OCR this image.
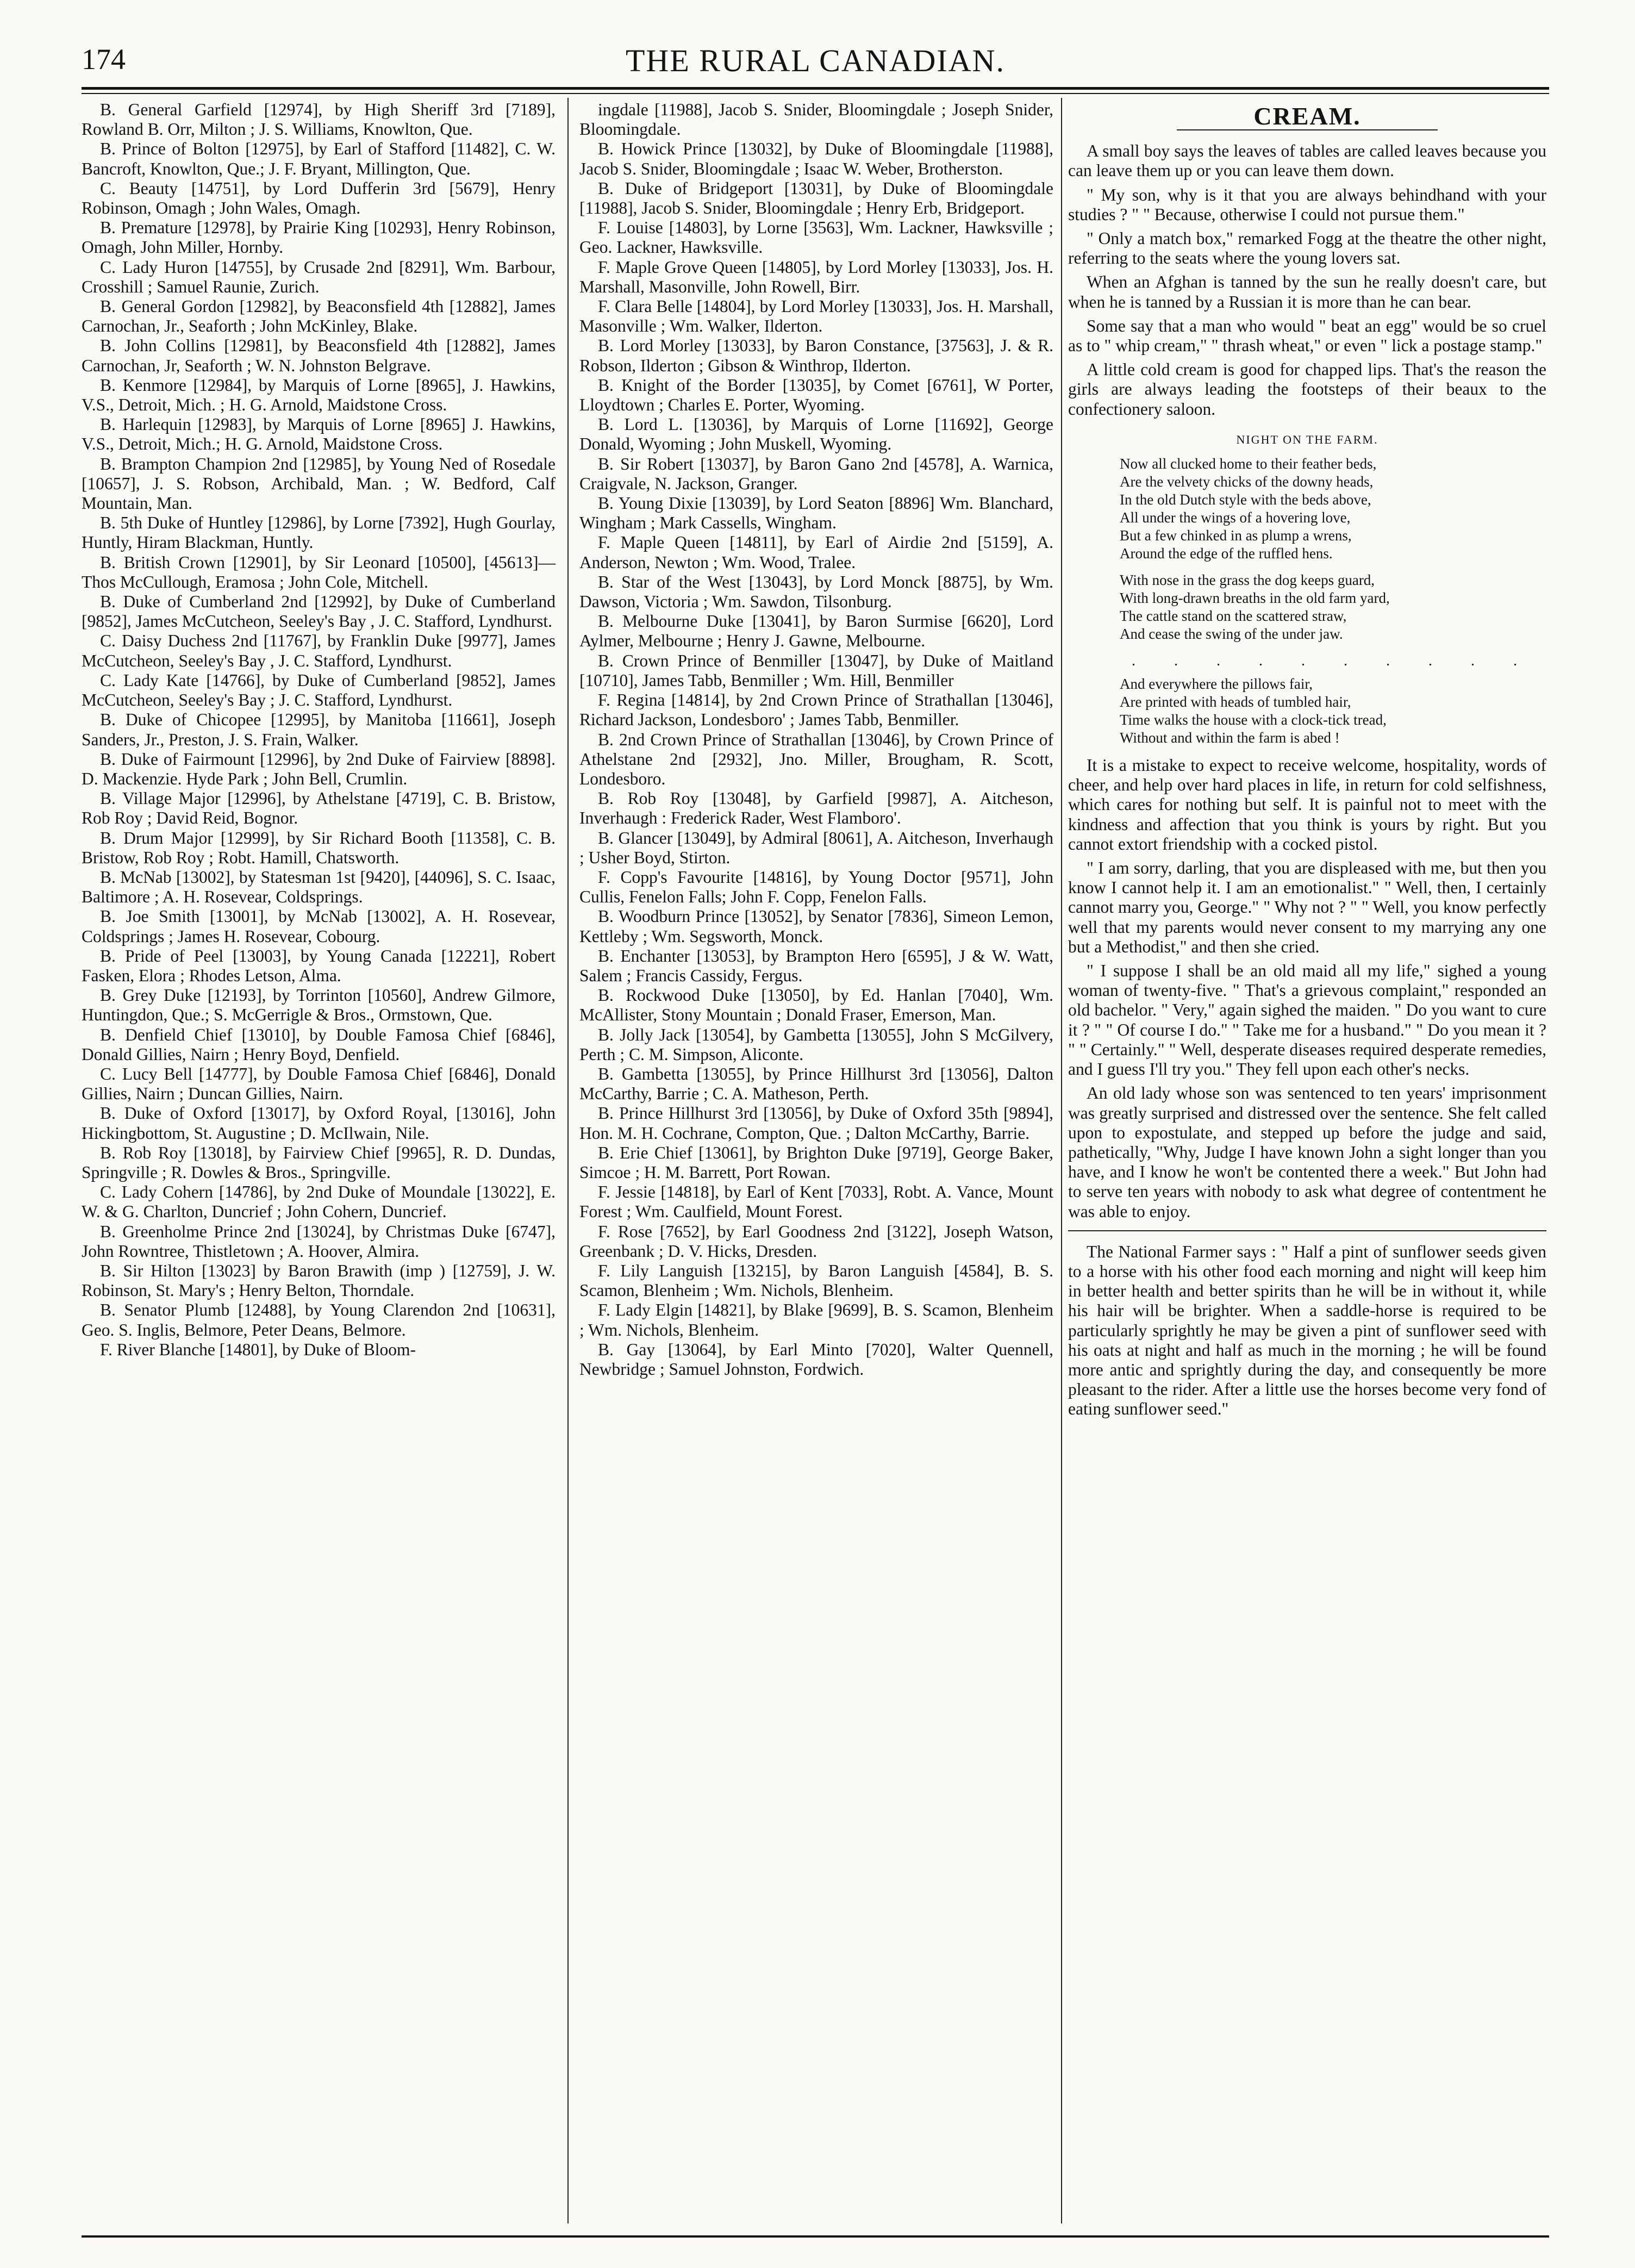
174	THE RURAL CANADIAN.

B. General Garfield [12974], by High Sheriff 3rd [7189], Rowland B. Orr, Milton ; J. S. Williams, Knowlton, Que.

B. Prince of Bolton [12975], by Earl of Stafford [11482], C. W. Bancroft, Knowlton, Que.; J. F. Bryant, Millington, Que.

C. Beauty [14751], by Lord Dufferin 3rd [5679], Henry Robinson, Omagh ; John Wales, Omagh.

B. Premature [12978], by Prairie King [10293], Henry Robinson, Omagh, John Miller, Hornby.

C. Lady Huron [14755], by Crusade 2nd [8291], Wm. Barbour, Crosshill ; Samuel Raunie, Zurich.

B. General Gordon [12982], by Beaconsfield 4th [12882], James Carnochan, Jr., Seaforth ; John McKinley, Blake.

B. John Collins [12981], by Beaconsfield 4th [12882], James Carnochan, Jr, Seaforth ; W. N. Johnston Belgrave.

B. Kenmore [12984], by Marquis of Lorne [8965], J. Hawkins, V.S., Detroit, Mich. ; H. G. Arnold, Maidstone Cross.

B. Harlequin [12983], by Marquis of Lorne [8965] J. Hawkins, V.S., Detroit, Mich.; H. G. Arnold, Maidstone Cross.

B. Brampton Champion 2nd [12985], by Young Ned of Rosedale [10657], J. S. Robson, Archibald, Man. ; W. Bedford, Calf Mountain, Man.

B. 5th Duke of Huntley [12986], by Lorne [7392], Hugh Gourlay, Huntly, Hiram Blackman, Huntly.

B. British Crown [12901], by Sir Leonard [10500], [45613]—Thos McCullough, Eramosa ; John Cole, Mitchell.

B. Duke of Cumberland 2nd [12992], by Duke of Cumberland [9852], James McCutcheon, Seeley's Bay , J. C. Stafford, Lyndhurst.

C. Daisy Duchess 2nd [11767], by Franklin Duke [9977], James McCutcheon, Seeley's Bay , J. C. Stafford, Lyndhurst.

C. Lady Kate [14766], by Duke of Cumberland [9852], James McCutcheon, Seeley's Bay ; J. C. Stafford, Lyndhurst.

B. Duke of Chicopee [12995], by Manitoba [11661], Joseph Sanders, Jr., Preston, J. S. Frain, Walker.

B. Duke of Fairmount [12996], by 2nd Duke of Fairview [8898]. D. Mackenzie. Hyde Park ; John Bell, Crumlin.

B. Village Major [12996], by Athelstane [4719], C. B. Bristow, Rob Roy ; David Reid, Bognor.

B. Drum Major [12999], by Sir Richard Booth [11358], C. B. Bristow, Rob Roy ; Robt. Hamill, Chatsworth.

B. McNab [13002], by Statesman 1st [9420], [44096], S. C. Isaac, Baltimore ; A. H. Rosevear, Coldsprings.

B. Joe Smith [13001], by McNab [13002], A. H. Rosevear, Coldsprings ; James H. Rosevear, Cobourg.

B. Pride of Peel [13003], by Young Canada [12221], Robert Fasken, Elora ; Rhodes Letson, Alma.

B. Grey Duke [12193], by Torrinton [10560], Andrew Gilmore, Huntingdon, Que.; S. McGerrigle & Bros., Ormstown, Que.

B. Denfield Chief [13010], by Double Famosa Chief [6846], Donald Gillies, Nairn ; Henry Boyd, Denfield.

C. Lucy Bell [14777], by Double Famosa Chief [6846], Donald Gillies, Nairn ; Duncan Gillies, Nairn.

B. Duke of Oxford [13017], by Oxford Royal, [13016], John Hickingbottom, St. Augustine ; D. McIlwain, Nile.

B. Rob Roy [13018], by Fairview Chief [9965], R. D. Dundas, Springville ; R. Dowles & Bros., Springville.

C. Lady Cohern [14786], by 2nd Duke of Moundale [13022], E. W. & G. Charlton, Duncrief ; John Cohern, Duncrief.

B. Greenholme Prince 2nd [13024], by Christmas Duke [6747], John Rowntree, Thistletown ; A. Hoover, Almira.

B. Sir Hilton [13023] by Baron Brawith (imp ) [12759], J. W. Robinson, St. Mary's ; Henry Belton, Thorndale.

B. Senator Plumb [12488], by Young Clarendon 2nd [10631], Geo. S. Inglis, Belmore, Peter Deans, Belmore.

F. River Blanche [14801], by Duke of Bloom-

ingdale [11988], Jacob S. Snider, Bloomingdale ; Joseph Snider, Bloomingdale.

B. Howick Prince [13032], by Duke of Bloomingdale [11988], Jacob S. Snider, Bloomingdale ; Isaac W. Weber, Brotherston.

B. Duke of Bridgeport [13031], by Duke of Bloomingdale [11988], Jacob S. Snider, Bloomingdale ; Henry Erb, Bridgeport.

F. Louise [14803], by Lorne [3563], Wm. Lackner, Hawksville ; Geo. Lackner, Hawksville.

F. Maple Grove Queen [14805], by Lord Morley [13033], Jos. H. Marshall, Masonville, John Rowell, Birr.

F. Clara Belle [14804], by Lord Morley [13033], Jos. H. Marshall, Masonville ; Wm. Walker, Ilderton.

B. Lord Morley [13033], by Baron Constance, [37563], J. & R. Robson, Ilderton ; Gibson & Winthrop, Ilderton.

B. Knight of the Border [13035], by Comet [6761], W Porter, Lloydtown ; Charles E. Porter, Wyoming.

B. Lord L. [13036], by Marquis of Lorne [11692], George Donald, Wyoming ; John Muskell, Wyoming.

B. Sir Robert [13037], by Baron Gano 2nd [4578], A. Warnica, Craigvale, N. Jackson, Granger.

B. Young Dixie [13039], by Lord Seaton [8896] Wm. Blanchard, Wingham ; Mark Cassells, Wingham.

F. Maple Queen [14811], by Earl of Airdie 2nd [5159], A. Anderson, Newton ; Wm. Wood, Tralee.

B. Star of the West [13043], by Lord Monck [8875], by Wm. Dawson, Victoria ; Wm. Sawdon, Tilsonburg.

B. Melbourne Duke [13041], by Baron Surmise [6620], Lord Aylmer, Melbourne ; Henry J. Gawne, Melbourne.

B. Crown Prince of Benmiller [13047], by Duke of Maitland [10710], James Tabb, Benmiller ; Wm. Hill, Benmiller

F. Regina [14814], by 2nd Crown Prince of Strathallan [13046], Richard Jackson, Londesboro' ; James Tabb, Benmiller.

B. 2nd Crown Prince of Strathallan [13046], by Crown Prince of Athelstane 2nd [2932], Jno. Miller, Brougham, R. Scott, Londesboro.

B. Rob Roy [13048], by Garfield [9987], A. Aitcheson, Inverhaugh : Frederick Rader, West Flamboro'.

B. Glancer [13049], by Admiral [8061], A. Aitcheson, Inverhaugh ; Usher Boyd, Stirton.

F. Copp's Favourite [14816], by Young Doctor [9571], John Cullis, Fenelon Falls; John F. Copp, Fenelon Falls.

B. Woodburn Prince [13052], by Senator [7836], Simeon Lemon, Kettleby ; Wm. Segsworth, Monck.

B. Enchanter [13053], by Brampton Hero [6595], J & W. Watt, Salem ; Francis Cassidy, Fergus.

B. Rockwood Duke [13050], by Ed. Hanlan [7040], Wm. McAllister, Stony Mountain ; Donald Fraser, Emerson, Man.

B. Jolly Jack [13054], by Gambetta [13055], John S McGilvery, Perth ; C. M. Simpson, Aliconte.

B. Gambetta [13055], by Prince Hillhurst 3rd [13056], Dalton McCarthy, Barrie ; C. A. Matheson, Perth.

B. Prince Hillhurst 3rd [13056], by Duke of Oxford 35th [9894], Hon. M. H. Cochrane, Compton, Que. ; Dalton McCarthy, Barrie.

B. Erie Chief [13061], by Brighton Duke [9719], George Baker, Simcoe ; H. M. Barrett, Port Rowan.

F. Jessie [14818], by Earl of Kent [7033], Robt. A. Vance, Mount Forest ; Wm. Caulfield, Mount Forest.

F. Rose [7652], by Earl Goodness 2nd [3122], Joseph Watson, Greenbank ; D. V. Hicks, Dresden.

F. Lily Languish [13215], by Baron Languish [4584], B. S. Scamon, Blenheim ; Wm. Nichols, Blenheim.

F. Lady Elgin [14821], by Blake [9699], B. S. Scamon, Blenheim ; Wm. Nichols, Blenheim.

B. Gay [13064], by Earl Minto [7020], Walter Quennell, Newbridge ; Samuel Johnston, Fordwich.

CREAM.

A small boy says the leaves of tables are called leaves because you can leave them up or you can leave them down.

" My son, why is it that you are always behindhand with your studies ? " " Because, otherwise I could not pursue them."

" Only a match box," remarked Fogg at the theatre the other night, referring to the seats where the young lovers sat.

When an Afghan is tanned by the sun he really doesn't care, but when he is tanned by a Russian it is more than he can bear.

Some say that a man who would " beat an egg" would be so cruel as to " whip cream," " thrash wheat," or even " lick a postage stamp."

A little cold cream is good for chapped lips. That's the reason the girls are always leading the footsteps of their beaux to the confectionery saloon.

NIGHT ON THE FARM.

Now all clucked home to their feather beds,

Are the velvety chicks of the downy heads,

In the old Dutch style with the beds above,

All under the wings of a hovering love,

But a few chinked in as plump a wrens,

Around the edge of the ruffled hens.

With nose in the grass the dog keeps guard,

With long-drawn breaths in the old farm yard,

The cattle stand on the scattered straw,

And cease the swing of the under jaw.

. . . . . . . . . .

And everywhere the pillows fair,

Are printed with heads of tumbled hair,

Time walks the house with a clock-tick tread,

Without and within the farm is abed !

It is a mistake to expect to receive welcome, hospitality, words of cheer, and help over hard places in life, in return for cold selfishness, which cares for nothing but self. It is painful not to meet with the kindness and affection that you think is yours by right. But you cannot extort friendship with a cocked pistol.

" I am sorry, darling, that you are displeased with me, but then you know I cannot help it. I am an emotionalist." " Well, then, I certainly cannot marry you, George." " Why not ? " " Well, you know perfectly well that my parents would never consent to my marrying any one but a Methodist," and then she cried.

" I suppose I shall be an old maid all my life," sighed a young woman of twenty-five. " That's a grievous complaint," responded an old bachelor. " Very," again sighed the maiden. " Do you want to cure it ? " " Of course I do." " Take me for a husband." " Do you mean it ? " " Certainly." " Well, desperate diseases required desperate remedies, and I guess I'll try you." They fell upon each other's necks.

An old lady whose son was sentenced to ten years' imprisonment was greatly surprised and distressed over the sentence. She felt called upon to expostulate, and stepped up before the judge and said, pathetically, "Why, Judge I have known John a sight longer than you have, and I know he won't be contented there a week." But John had to serve ten years with nobody to ask what degree of contentment he was able to enjoy.

The National Farmer says : " Half a pint of sunflower seeds given to a horse with his other food each morning and night will keep him in better health and better spirits than he will be in without it, while his hair will be brighter. When a saddle-horse is required to be particularly sprightly he may be given a pint of sunflower seed with his oats at night and half as much in the morning ; he will be found more antic and sprightly during the day, and consequently be more pleasant to the rider. After a little use the horses become very fond of eating sunflower seed."
